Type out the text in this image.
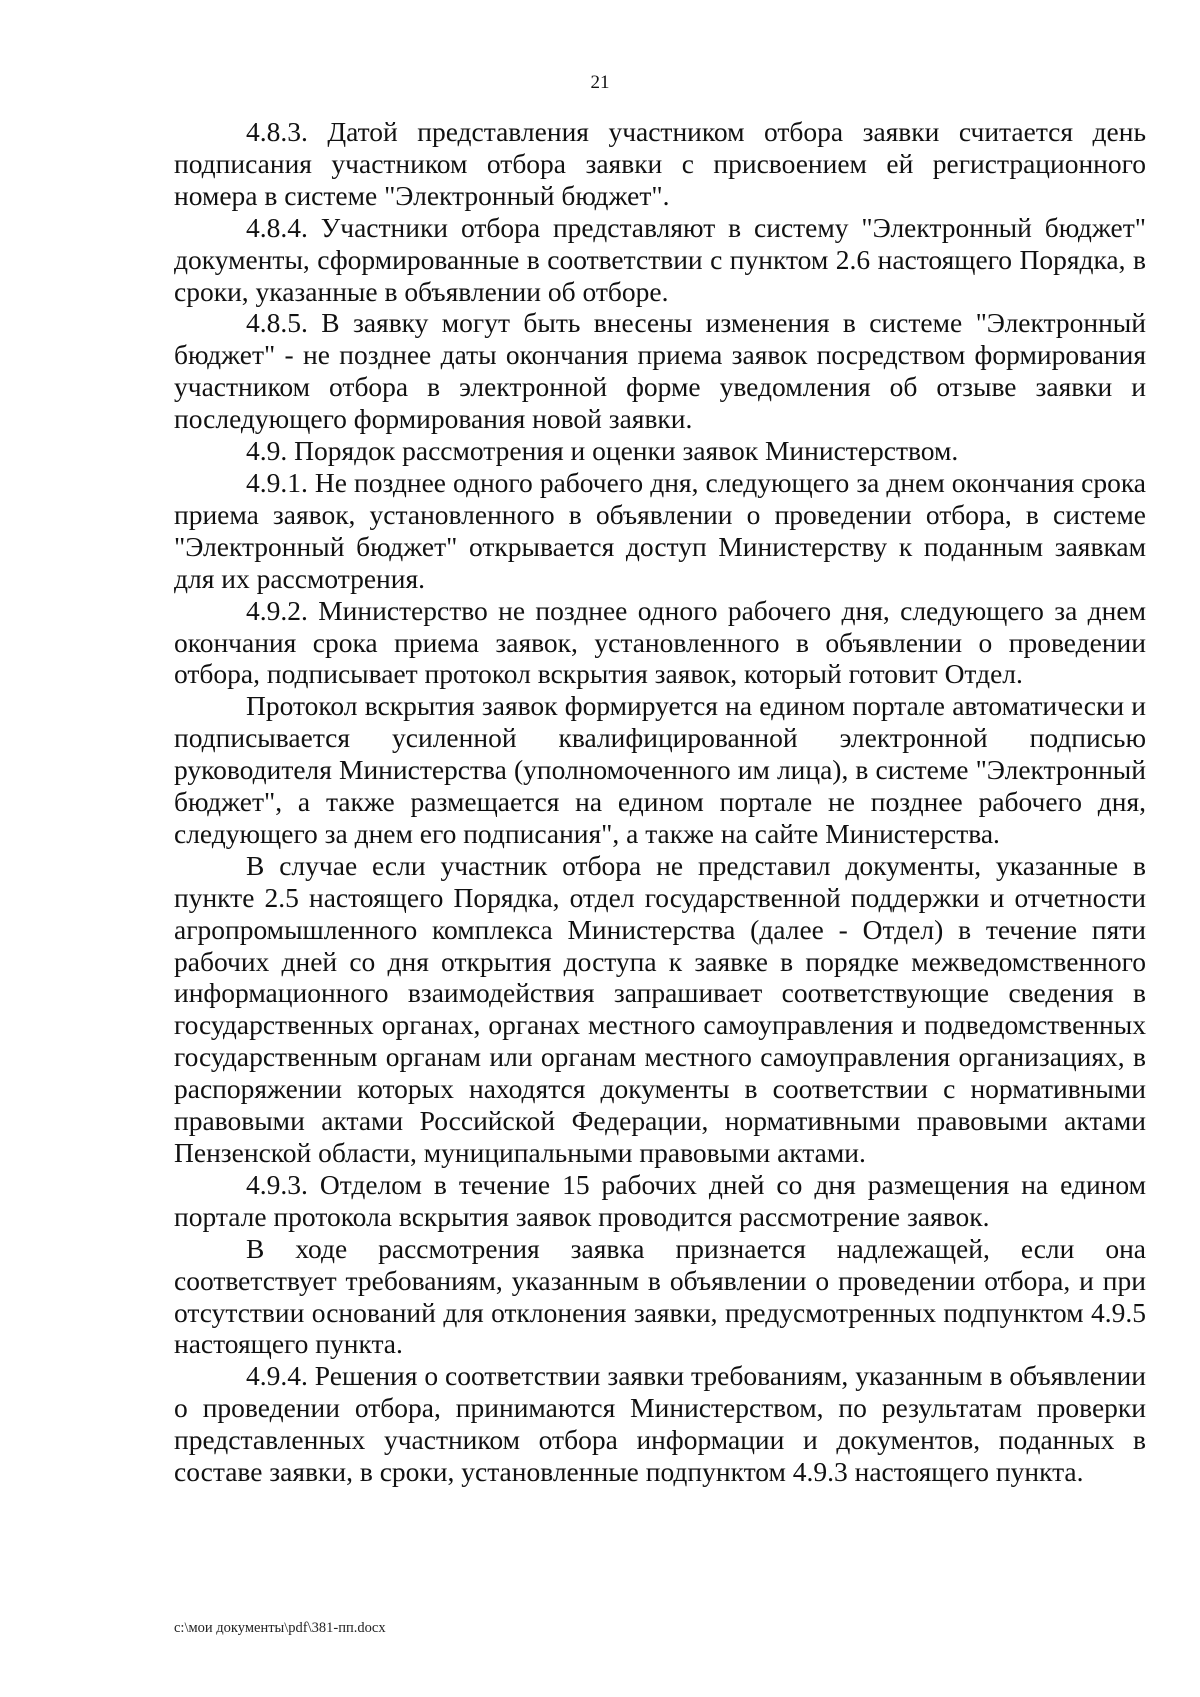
21

4.8.3. Датой представления участником отбора заявки считается день подписания участником отбора заявки с присвоением ей регистрационного номера в системе "Электронный бюджет".

4.8.4. Участники отбора представляют в систему "Электронный бюджет" документы, сформированные в соответствии с пунктом 2.6 настоящего Порядка, в сроки, указанные в объявлении об отборе.

4.8.5. В заявку могут быть внесены изменения в системе "Электронный бюджет" - не позднее даты окончания приема заявок посредством формирования участником отбора в электронной форме уведомления об отзыве заявки и последующего формирования новой заявки.

4.9. Порядок рассмотрения и оценки заявок Министерством.

4.9.1. Не позднее одного рабочего дня, следующего за днем окончания срока приема заявок, установленного в объявлении о проведении отбора, в системе "Электронный бюджет" открывается доступ Министерству к поданным заявкам для их рассмотрения.

4.9.2. Министерство не позднее одного рабочего дня, следующего за днем окончания срока приема заявок, установленного в объявлении о проведении отбора, подписывает протокол вскрытия заявок, который готовит Отдел.

Протокол вскрытия заявок формируется на едином портале автоматически и подписывается усиленной квалифицированной электронной подписью руководителя Министерства (уполномоченного им лица), в системе "Электронный бюджет", а также размещается на едином портале не позднее рабочего дня, следующего за днем его подписания", а также на сайте Министерства.

В случае если участник отбора не представил документы, указанные в пункте 2.5 настоящего Порядка, отдел государственной поддержки и отчетности агропромышленного комплекса Министерства (далее - Отдел) в течение пяти рабочих дней со дня открытия доступа к заявке в порядке межведомственного информационного взаимодействия запрашивает соответствующие сведения в государственных органах, органах местного самоуправления и подведомственных государственным органам или органам местного самоуправления организациях, в распоряжении которых находятся документы в соответствии с нормативными правовыми актами Российской Федерации, нормативными правовыми актами Пензенской области, муниципальными правовыми актами.

4.9.3. Отделом в течение 15 рабочих дней со дня размещения на едином портале протокола вскрытия заявок проводится рассмотрение заявок.

В ходе рассмотрения заявка признается надлежащей, если она соответствует требованиям, указанным в объявлении о проведении отбора, и при отсутствии оснований для отклонения заявки, предусмотренных подпунктом 4.9.5 настоящего пункта.

4.9.4. Решения о соответствии заявки требованиям, указанным в объявлении о проведении отбора, принимаются Министерством, по результатам проверки представленных участником отбора информации и документов, поданных в составе заявки, в сроки, установленные подпунктом 4.9.3 настоящего пункта.

c:\мои документы\pdf\381-пп.docx
